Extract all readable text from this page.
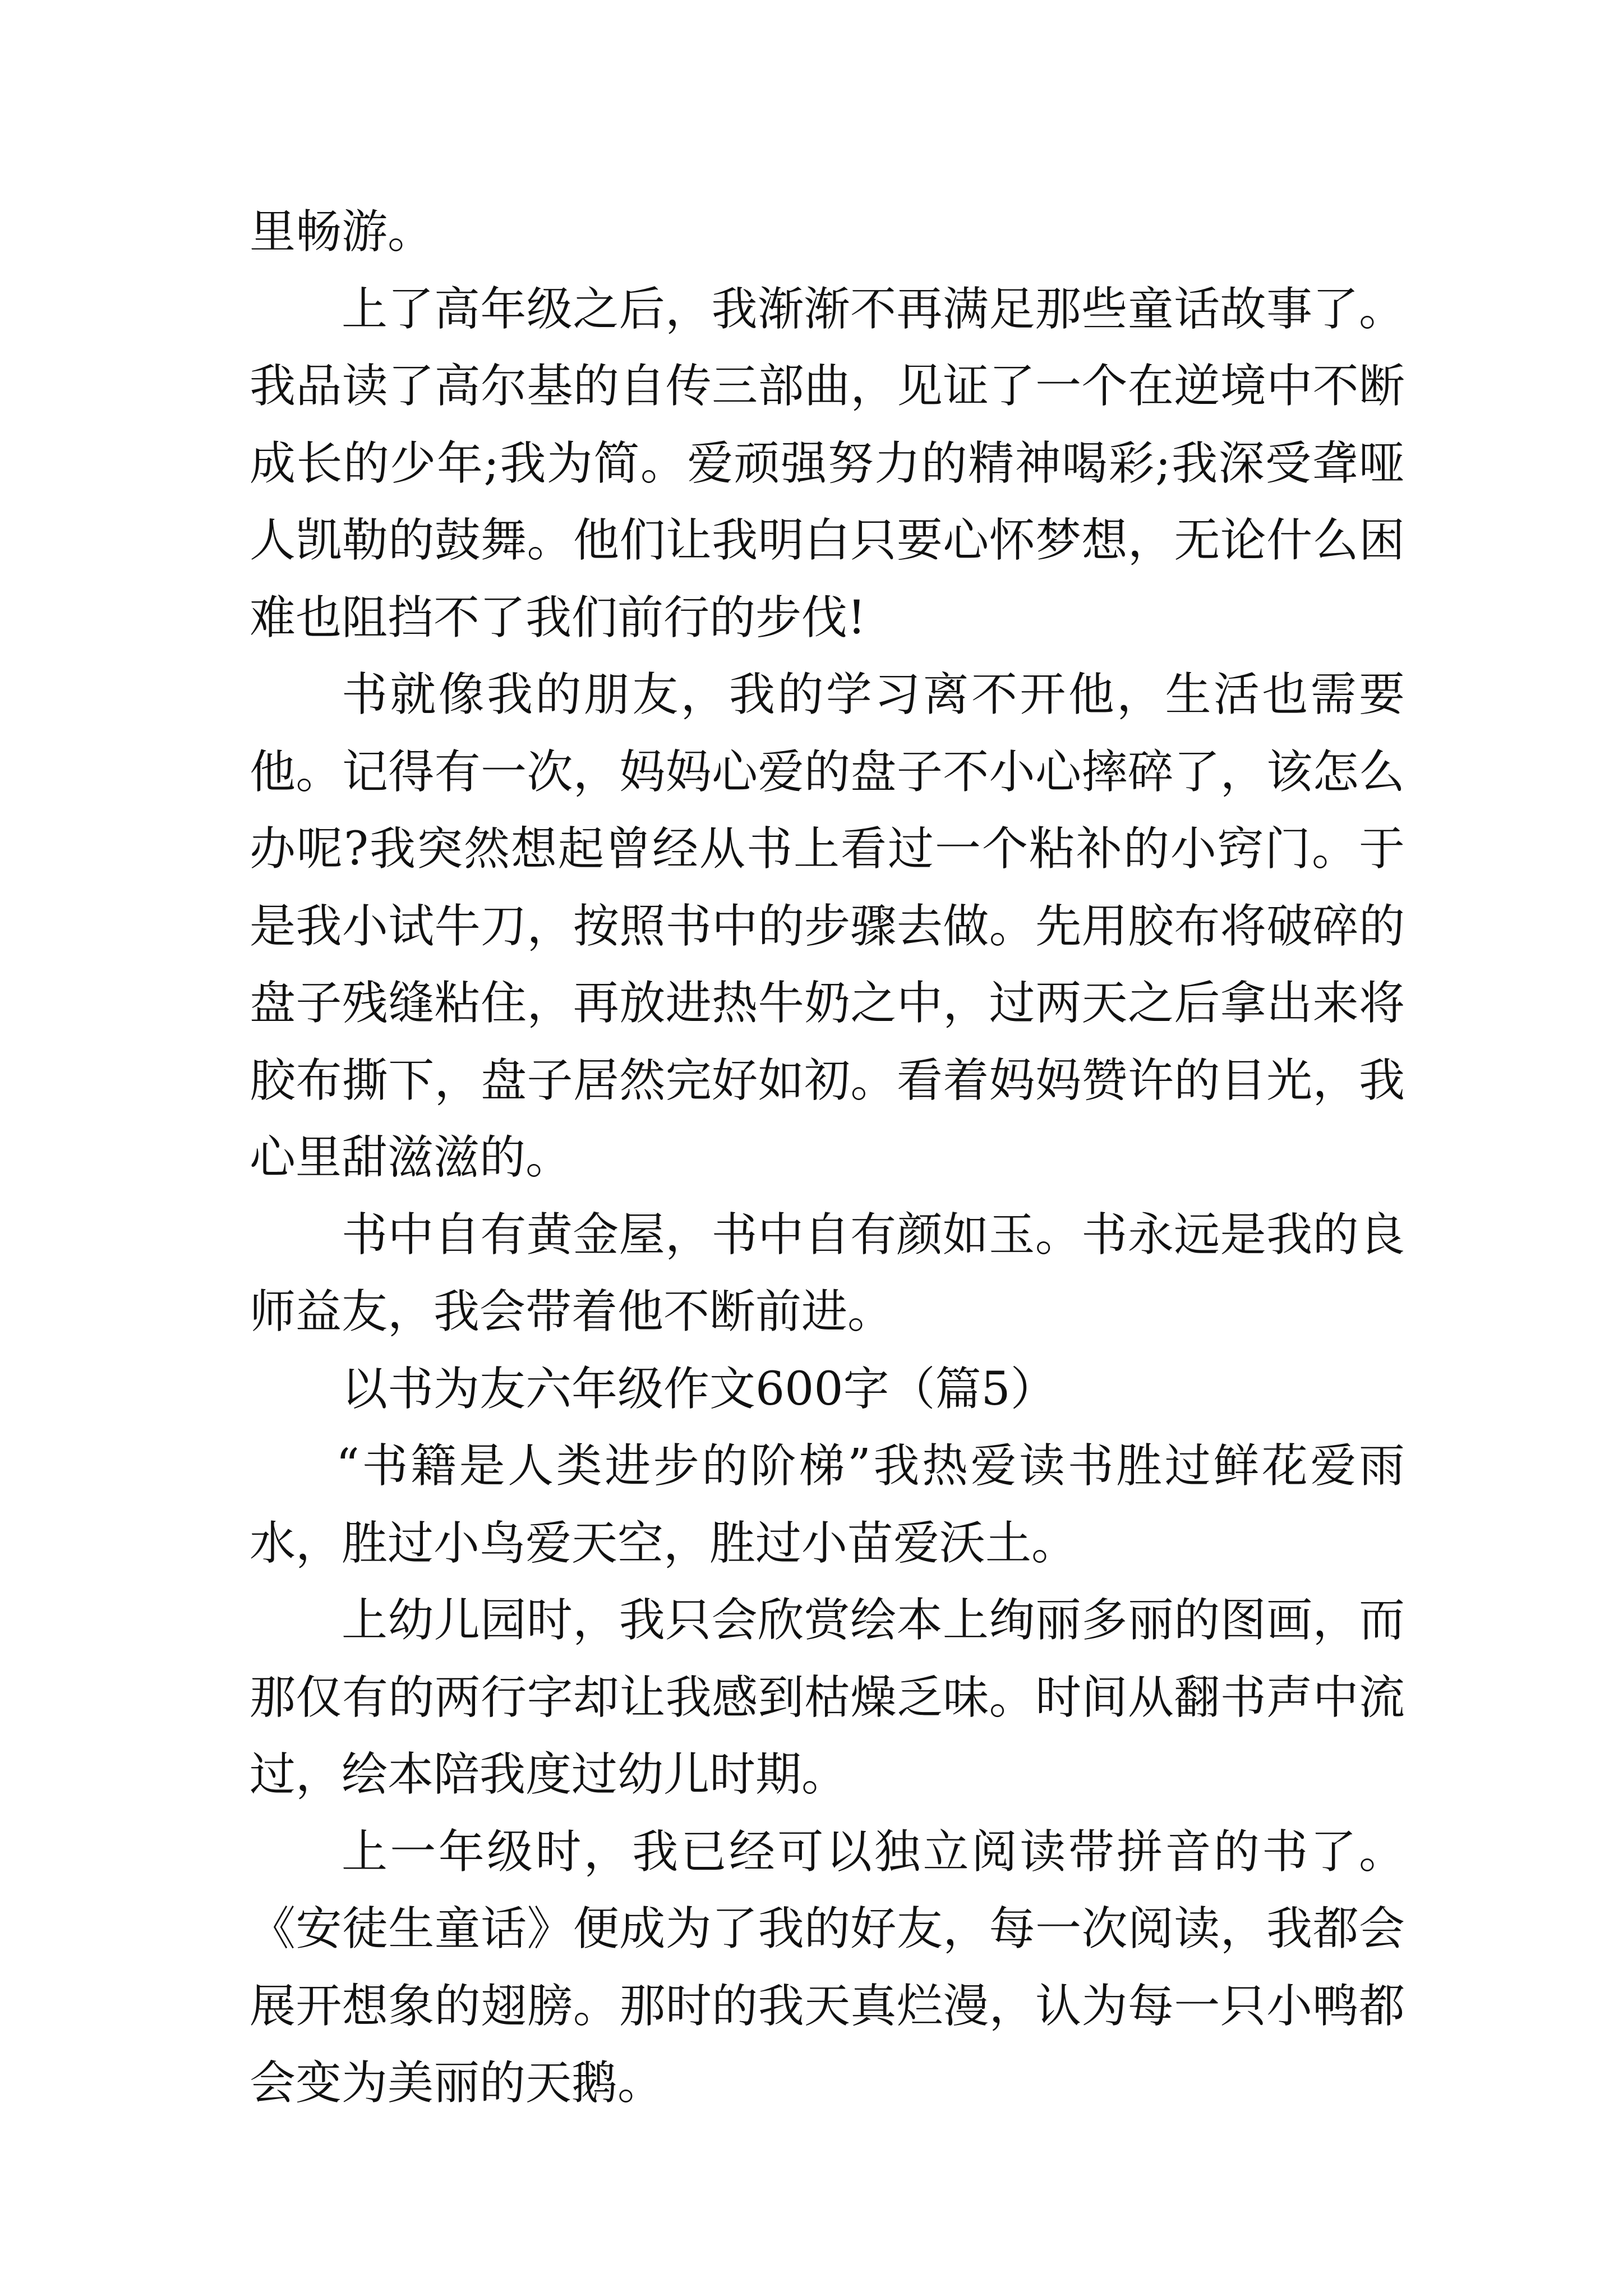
里畅游。

上了高年级之后，我渐渐不再满足那些童话故事了。我品读了高尔基的自传三部曲，见证了一个在逆境中不断成长的少年;我为简。爱顽强努力的精神喝彩;我深受聋哑人凯勒的鼓舞。他们让我明白只要心怀梦想，无论什么困难也阻挡不了我们前行的步伐!

书就像我的朋友，我的学习离不开他，生活也需要他。记得有一次，妈妈心爱的盘子不小心摔碎了，该怎么办呢?我突然想起曾经从书上看过一个粘补的小窍门。于是我小试牛刀，按照书中的步骤去做。先用胶布将破碎的盘子残缝粘住，再放进热牛奶之中，过两天之后拿出来将胶布撕下，盘子居然完好如初。看着妈妈赞许的目光，我心里甜滋滋的。

书中自有黄金屋，书中自有颜如玉。书永远是我的良师益友，我会带着他不断前进。

以书为友六年级作文600字（篇5）

“书籍是人类进步的阶梯”我热爱读书胜过鲜花爱雨水，胜过小鸟爱天空，胜过小苗爱沃土。

上幼儿园时，我只会欣赏绘本上绚丽多丽的图画，而那仅有的两行字却让我感到枯燥乏味。时间从翻书声中流过，绘本陪我度过幼儿时期。

上一年级时，我已经可以独立阅读带拼音的书了。《安徒生童话》便成为了我的好友，每一次阅读，我都会展开想象的翅膀。那时的我天真烂漫，认为每一只小鸭都会变为美丽的天鹅。
